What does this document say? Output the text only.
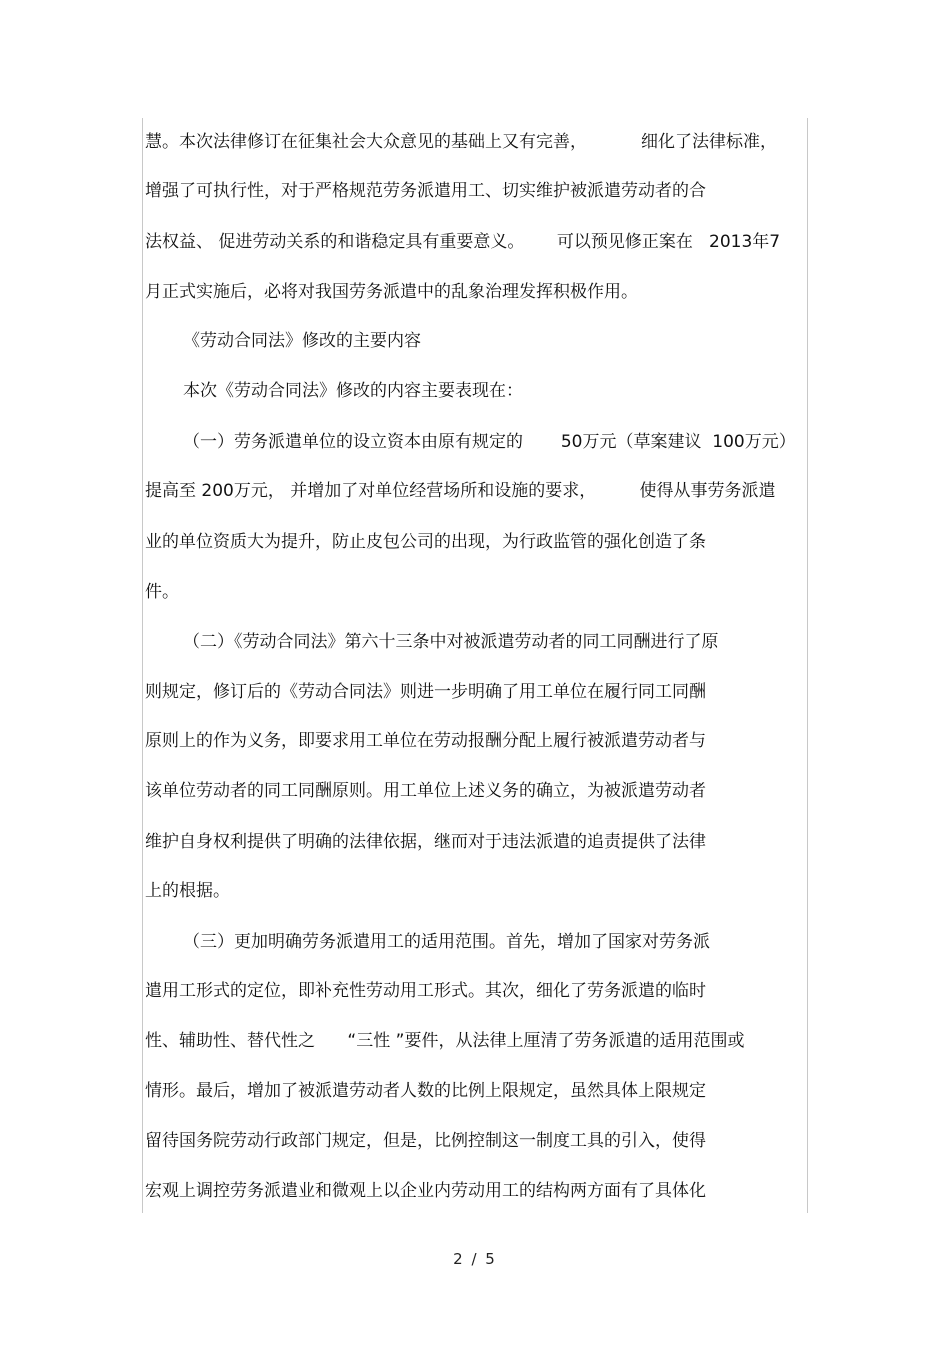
慧。本次法律修订在征集社会大众意见的基础上又有完善，          细化了法律标准，
增强了可执行性，对于严格规范劳务派遣用工、切实维护被派遣劳动者的合
法权益、 促进劳动关系的和谐稳定具有重要意义。      可以预见修正案在   2013年7
月正式实施后，必将对我国劳务派遣中的乱象治理发挥积极作用。
《劳动合同法》修改的主要内容
本次《劳动合同法》修改的内容主要表现在：
（一）劳务派遣单位的设立资本由原有规定的       50万元（草案建议  100万元）
提高至 200万元， 并增加了对单位经营场所和设施的要求，        使得从事劳务派遣
业的单位资质大为提升，防止皮包公司的出现，为行政监管的强化创造了条
件。
（二）《劳动合同法》第六十三条中对被派遣劳动者的同工同酬进行了原
则规定，修订后的《劳动合同法》则进一步明确了用工单位在履行同工同酬
原则上的作为义务，即要求用工单位在劳动报酬分配上履行被派遣劳动者与
该单位劳动者的同工同酬原则。用工单位上述义务的确立，为被派遣劳动者
维护自身权利提供了明确的法律依据，继而对于违法派遣的追责提供了法律
上的根据。
（三）更加明确劳务派遣用工的适用范围。首先，增加了国家对劳务派
遣用工形式的定位，即补充性劳动用工形式。其次，细化了劳务派遣的临时
性、辅助性、替代性之      “三性 ”要件，从法律上厘清了劳务派遣的适用范围或
情形。最后，增加了被派遣劳动者人数的比例上限规定，虽然具体上限规定
留待国务院劳动行政部门规定，但是，比例控制这一制度工具的引入，使得
宏观上调控劳务派遣业和微观上以企业内劳动用工的结构两方面有了具体化
2 / 5
